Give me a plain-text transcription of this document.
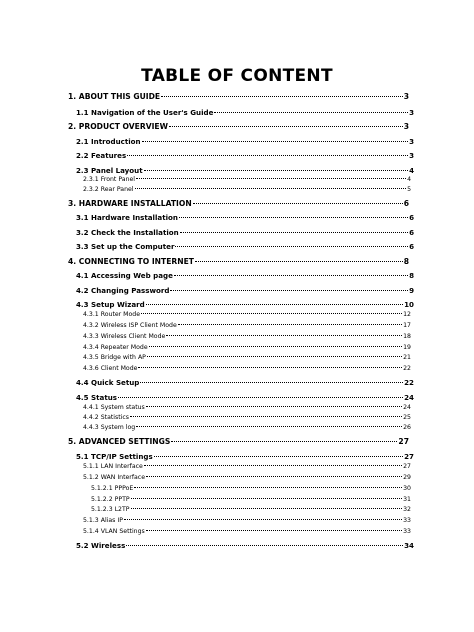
TABLE OF CONTENT
1. ABOUT THIS GUIDE	3
1.1 Navigation of the User's Guide	3
2. PRODUCT OVERVIEW	3
2.1 Introduction	3
2.2 Features	3
2.3 Panel Layout	4
2.3.1 Front Panel	4
2.3.2 Rear Panel	5
3. HARDWARE INSTALLATION	6
3.1 Hardware Installation	6
3.2 Check the Installation	6
3.3 Set up the Computer	6
4. CONNECTING TO INTERNET	8
4.1 Accessing Web page	8
4.2 Changing Password	9
4.3 Setup Wizard	10
4.3.1 Router Mode	12
4.3.2 Wireless ISP Client Mode	17
4.3.3 Wireless Client Mode	18
4.3.4 Repeater Mode	19
4.3.5 Bridge with AP	21
4.3.6 Client Mode	22
4.4 Quick Setup	22
4.5 Status	24
4.4.1 System status	24
4.4.2 Statistics	25
4.4.3 System log	26
5. ADVANCED SETTINGS	27
5.1 TCP/IP Settings	27
5.1.1 LAN Interface	27
5.1.2 WAN Interface	29
5.1.2.1 PPPoE	30
5.1.2.2 PPTP	31
5.1.2.3 L2TP	32
5.1.3 Alias IP	33
5.1.4 VLAN Settings	33
5.2 Wireless	34
